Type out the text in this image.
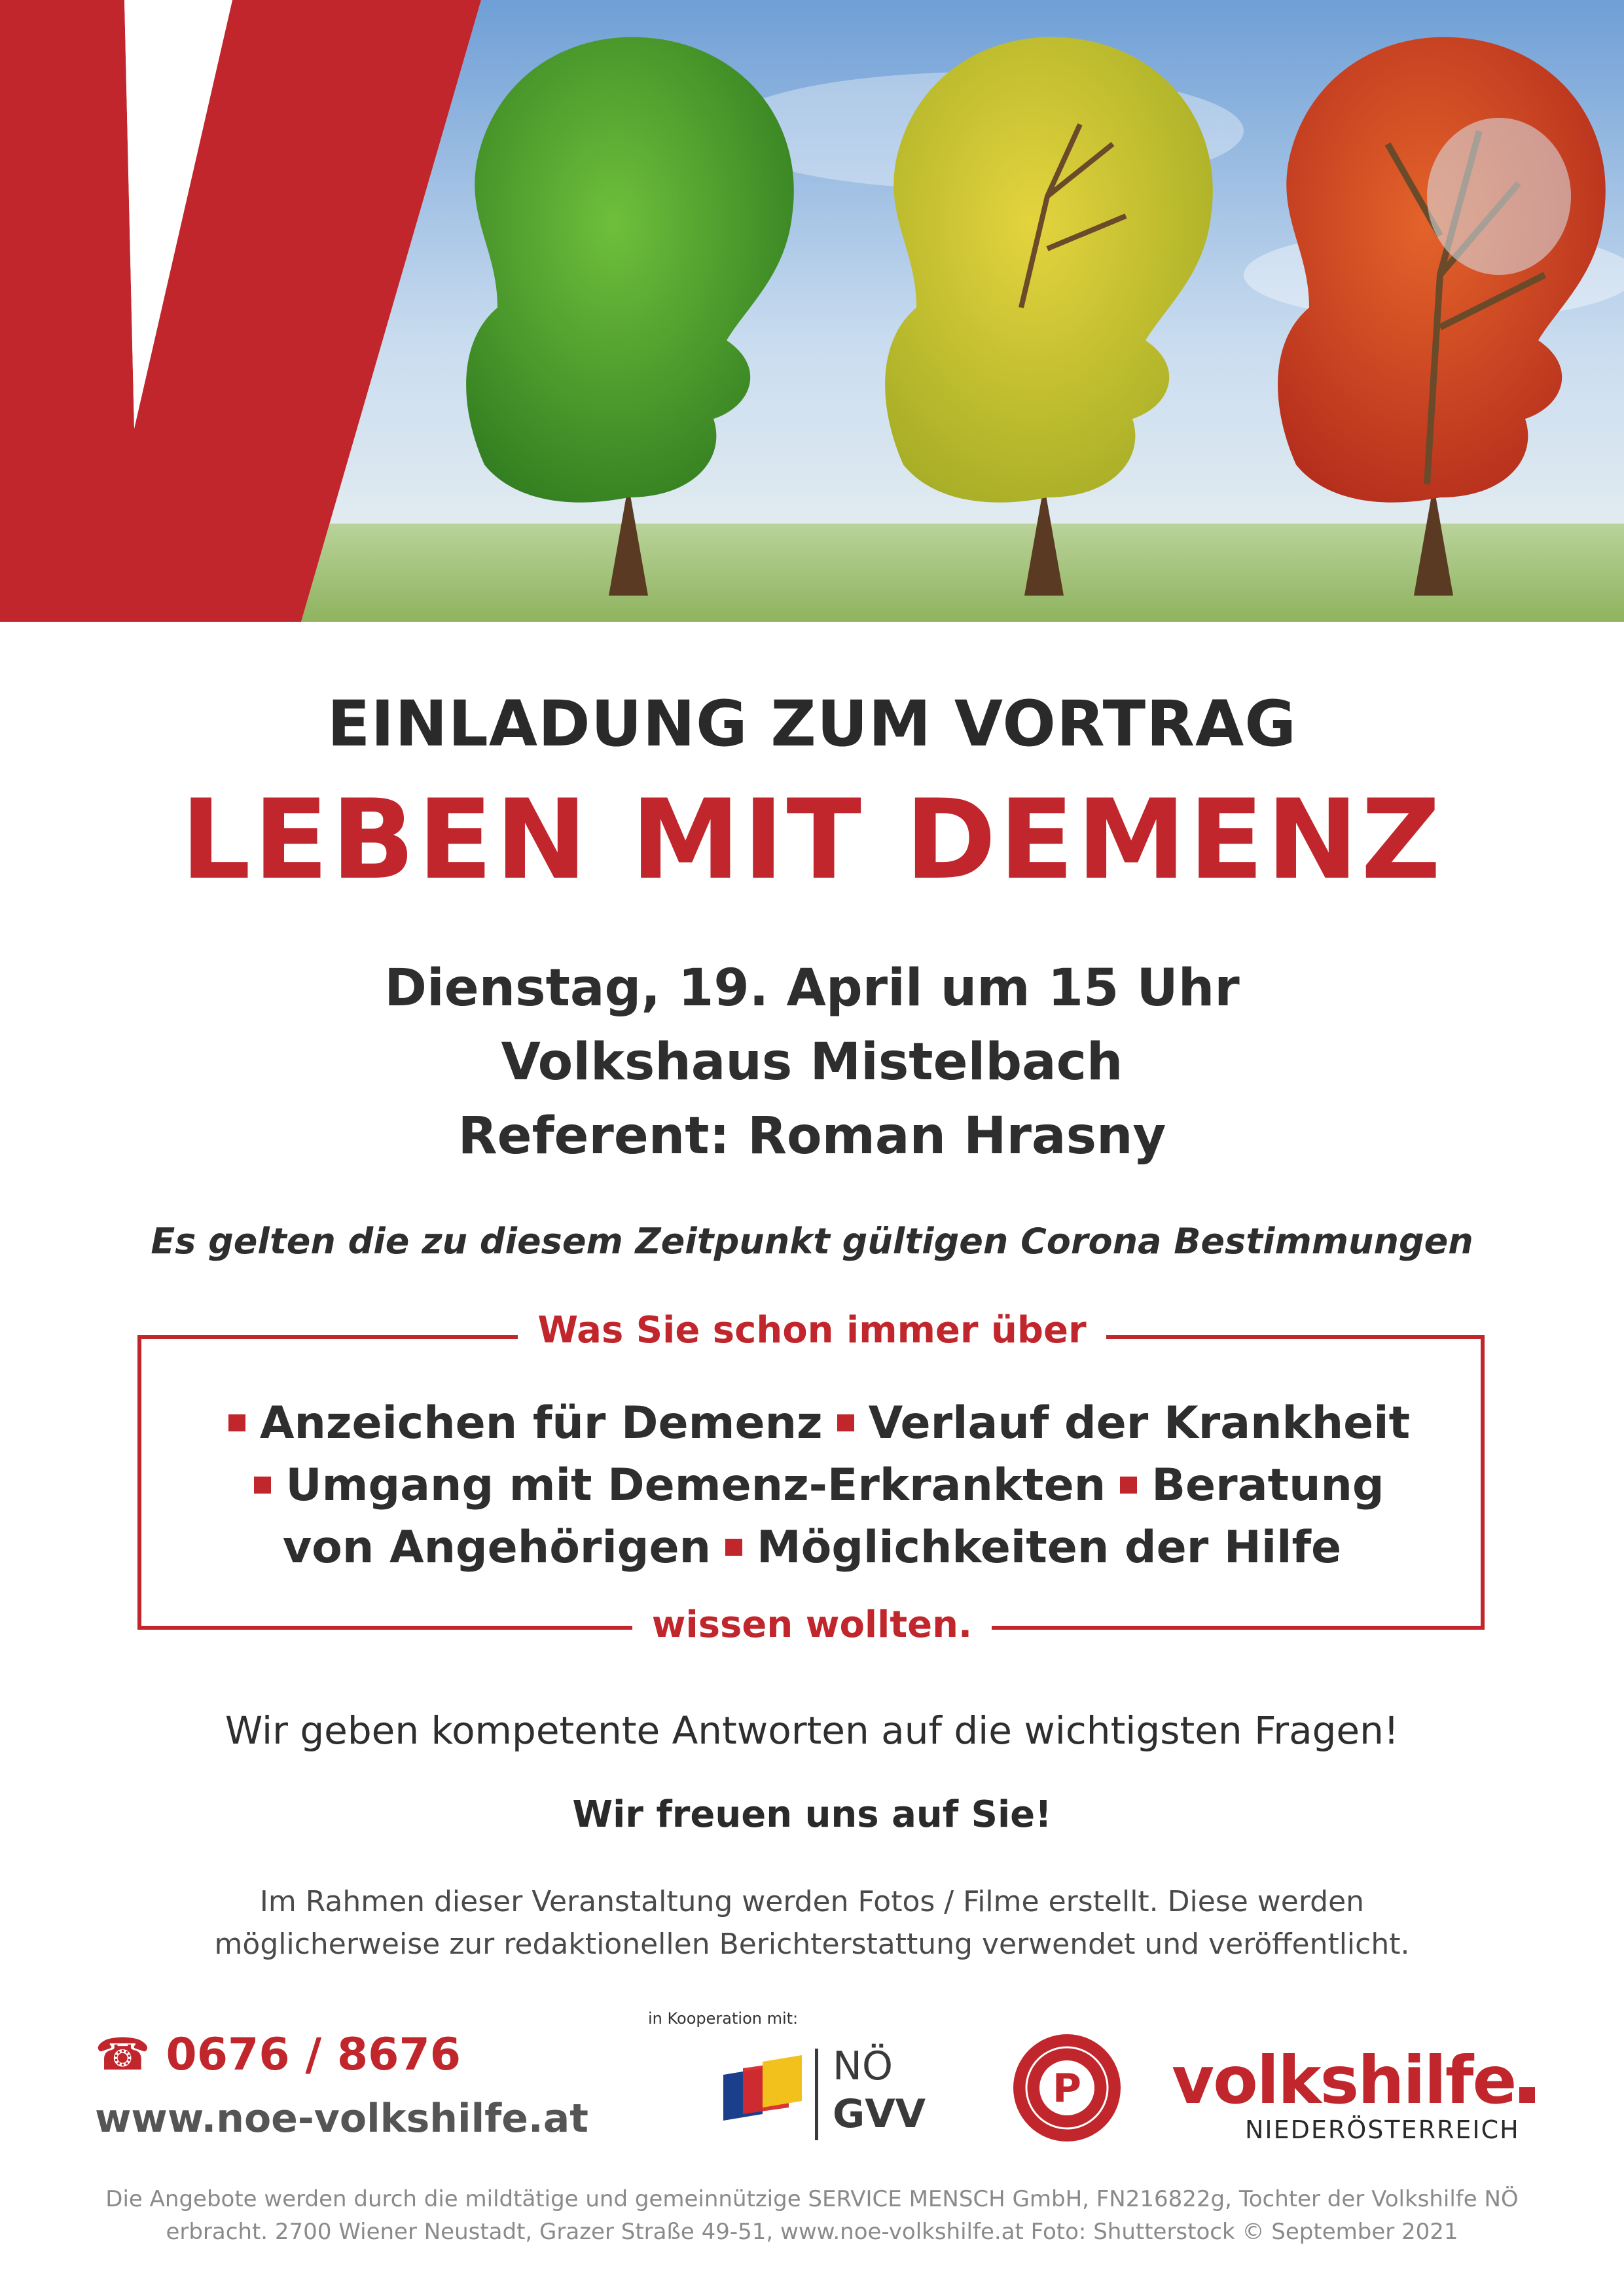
EINLADUNG ZUM VORTRAG
LEBEN MIT DEMENZ
Dienstag, 19. April um 15 Uhr
Volkshaus Mistelbach
Referent: Roman Hrasny
Es gelten die zu diesem Zeitpunkt gültigen Corona Bestimmungen
Was Sie schon immer über
wissen wollten.
Anzeichen für Demenz Verlauf der Krankheit
Umgang mit Demenz-Erkrankten Beratung
von Angehörigen Möglichkeiten der Hilfe
Wir geben kompetente Antworten auf die wichtigsten Fragen!
Wir freuen uns auf Sie!
Im Rahmen dieser Veranstaltung werden Fotos / Filme erstellt. Diese werden
möglicherweise zur redaktionellen Berichterstattung verwendet und veröffentlicht.
in Kooperation mit:
☎ 0676 / 8676
www.noe-volkshilfe.at
NÖ
GVV
P volkshilfe
NIEDERÖSTERREICH
Die Angebote werden durch die mildtätige und gemeinnützige SERVICE MENSCH GmbH, FN216822g, Tochter der Volkshilfe NÖ
erbracht. 2700 Wiener Neustadt, Grazer Straße 49-51, www.noe-volkshilfe.at Foto: Shutterstock © September 2021
